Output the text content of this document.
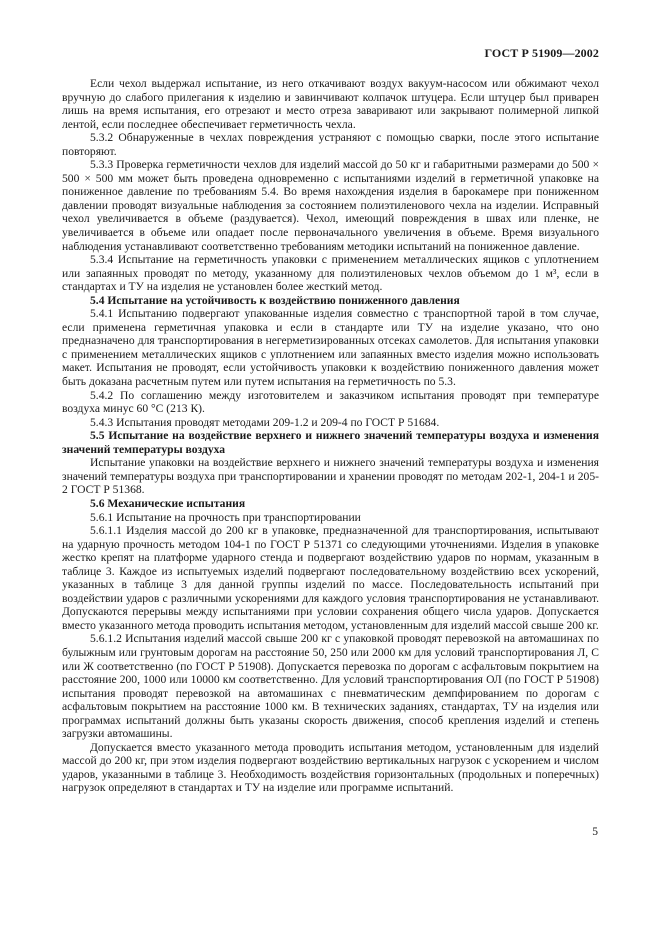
ГОСТ Р 51909—2002

Если чехол выдержал испытание, из него откачивают воздух вакуум-насосом или обжимают чехол вручную до слабого прилегания к изделию и завинчивают колпачок штуцера. Если штуцер был приварен лишь на время испытания, его отрезают и место отреза заваривают или закрывают полимерной липкой лентой, если последнее обеспечивает герметичность чехла.

5.3.2 Обнаруженные в чехлах повреждения устраняют с помощью сварки, после этого испытание повторяют.

5.3.3 Проверка герметичности чехлов для изделий массой до 50 кг и габаритными размерами до 500 × 500 × 500 мм может быть проведена одновременно с испытаниями изделий в герметичной упаковке на пониженное давление по требованиям 5.4. Во время нахождения изделия в барокамере при пониженном давлении проводят визуальные наблюдения за состоянием полиэтиленового чехла на изделии. Исправный чехол увеличивается в объеме (раздувается). Чехол, имеющий повреждения в швах или пленке, не увеличивается в объеме или опадает после первоначального увеличения в объеме. Время визуального наблюдения устанавливают соответственно требованиям методики испытаний на пониженное давление.

5.3.4 Испытание на герметичность упаковки с применением металлических ящиков с уплотнением или запаянных проводят по методу, указанному для полиэтиленовых чехлов объемом до 1 м³, если в стандартах и ТУ на изделия не установлен более жесткий метод.

5.4 Испытание на устойчивость к воздействию пониженного давления

5.4.1 Испытанию подвергают упакованные изделия совместно с транспортной тарой в том случае, если применена герметичная упаковка и если в стандарте или ТУ на изделие указано, что оно предназначено для транспортирования в негерметизированных отсеках самолетов. Для испытания упаковки с применением металлических ящиков с уплотнением или запаянных вместо изделия можно использовать макет. Испытания не проводят, если устойчивость упаковки к воздействию пониженного давления может быть доказана расчетным путем или путем испытания на герметичность по 5.3.

5.4.2 По соглашению между изготовителем и заказчиком испытания проводят при температуре воздуха минус 60 °С (213 К).

5.4.3 Испытания проводят методами 209-1.2 и 209-4 по ГОСТ Р 51684.

5.5 Испытание на воздействие верхнего и нижнего значений температуры воздуха и изменения значений температуры воздуха

Испытание упаковки на воздействие верхнего и нижнего значений температуры воздуха и изменения значений температуры воздуха при транспортировании и хранении проводят по методам 202-1, 204-1 и 205-2 ГОСТ Р 51368.

5.6 Механические испытания

5.6.1 Испытание на прочность при транспортировании

5.6.1.1 Изделия массой до 200 кг в упаковке, предназначенной для транспортирования, испытывают на ударную прочность методом 104-1 по ГОСТ Р 51371 со следующими уточнениями. Изделия в упаковке жестко крепят на платформе ударного стенда и подвергают воздействию ударов по нормам, указанным в таблице 3. Каждое из испытуемых изделий подвергают последовательному воздействию всех ускорений, указанных в таблице 3 для данной группы изделий по массе. Последовательность испытаний при воздействии ударов с различными ускорениями для каждого условия транспортирования не устанавливают. Допускаются перерывы между испытаниями при условии сохранения общего числа ударов. Допускается вместо указанного метода проводить испытания методом, установленным для изделий массой свыше 200 кг.

5.6.1.2 Испытания изделий массой свыше 200 кг с упаковкой проводят перевозкой на автомашинах по булыжным или грунтовым дорогам на расстояние 50, 250 или 2000 км для условий транспортирования Л, С или Ж соответственно (по ГОСТ Р 51908). Допускается перевозка по дорогам с асфальтовым покрытием на расстояние 200, 1000 или 10000 км соответственно. Для условий транспортирования ОЛ (по ГОСТ Р 51908) испытания проводят перевозкой на автомашинах с пневматическим демпфированием по дорогам с асфальтовым покрытием на расстояние 1000 км. В технических заданиях, стандартах, ТУ на изделия или программах испытаний должны быть указаны скорость движения, способ крепления изделий и степень загрузки автомашины.

Допускается вместо указанного метода проводить испытания методом, установленным для изделий массой до 200 кг, при этом изделия подвергают воздействию вертикальных нагрузок с ускорением и числом ударов, указанными в таблице 3. Необходимость воздействия горизонтальных (продольных и поперечных) нагрузок определяют в стандартах и ТУ на изделие или программе испытаний.

5
